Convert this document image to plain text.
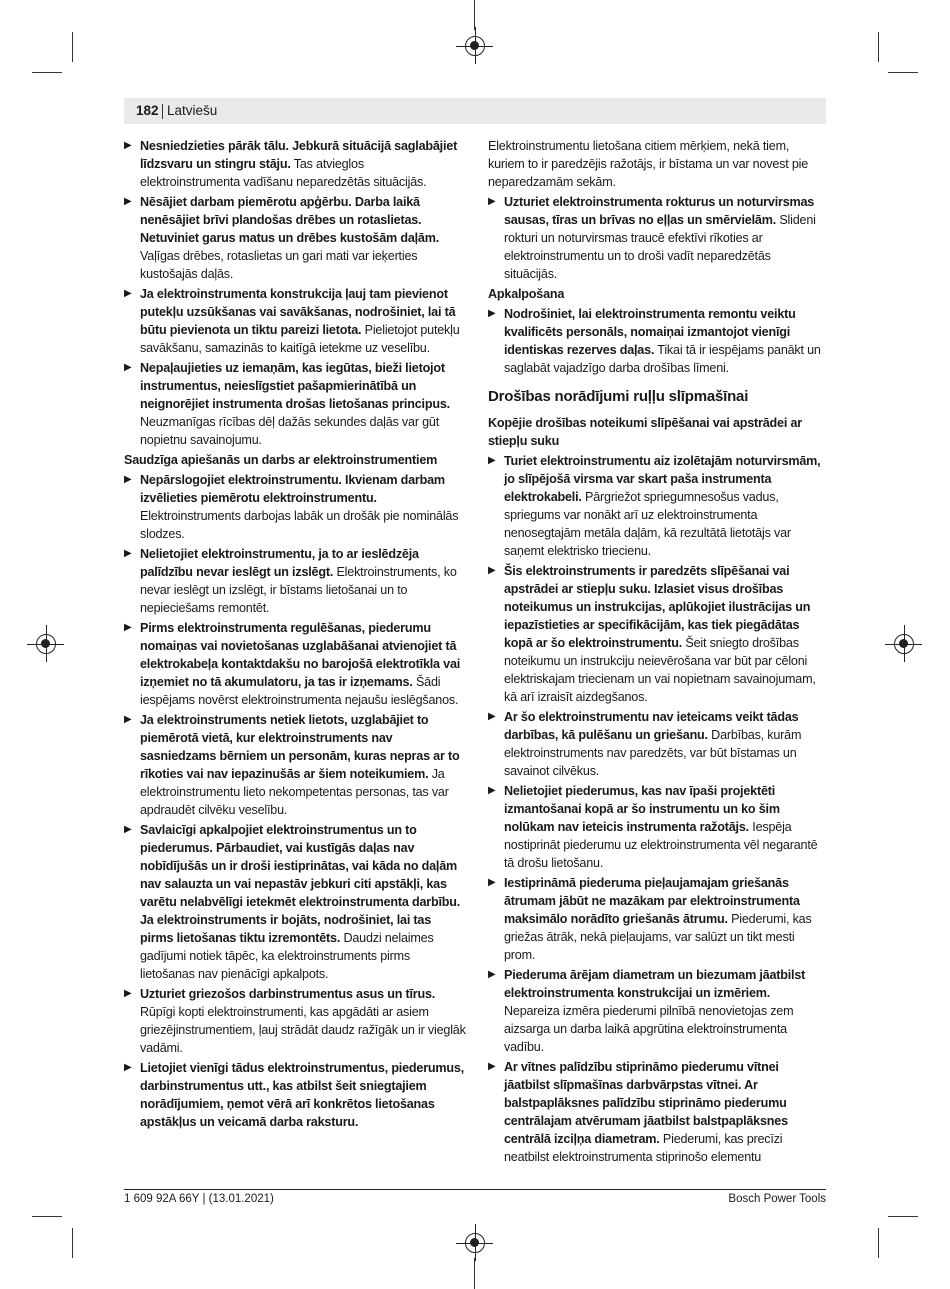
182 Latviešu
▶ Nesniedzieties pārāk tālu. Jebkurā situācijā saglabājiet līdzsvaru un stingru stāju. Tas atvieglos elektroinstrumenta vadīšanu neparedzētās situācijās.
▶ Nēsājiet darbam piemērotu apģērbu. Darba laikā nenēsājiet brīvi plandošas drēbes un rotaslietas. Netuviniet garus matus un drēbes kustošām daļām. Vaļīgas drēbes, rotaslietas un gari mati var ieķerties kustošajās daļās.
▶ Ja elektroinstrumenta konstrukcija ļauj tam pievienot putekļu uzsūkšanas vai savākšanas, nodrošiniet, lai tā būtu pievienota un tiktu pareizi lietota. Pielietojot putekļu savākšanu, samazinās to kaitīgā ietekme uz veselību.
▶ Nepaļaujieties uz iemaņām, kas iegūtas, bieži lietojot instrumentus, neieslīgstiet pašapmierinātībā un neignorējiet instrumenta drošas lietošanas principus. Neuzmanīgas rīcības dēļ dažās sekundes daļās var gūt nopietnu savainojumu.
Saudzīga apiešanās un darbs ar elektroinstrumentiem
▶ Nepārslogojiet elektroinstrumentu. Ikvienam darbam izvēlieties piemērotu elektroinstrumentu. Elektroinstruments darbojas labāk un drošāk pie nominālās slodzes.
▶ Nelietojiet elektroinstrumentu, ja to ar ieslēdzēja palīdzību nevar ieslēgt un izslēgt. Elektroinstruments, ko nevar ieslēgt un izslēgt, ir bīstams lietošanai un to nepieciešams remontēt.
▶ Pirms elektroinstrumenta regulēšanas, piederumu nomaiņas vai novietošanas uzglabāšanai atvienojiet tā elektrokabeļa kontaktdakšu no barojošā elektrotīkla vai izņemiet no tā akumulatoru, ja tas ir izņemams. Šādi iespējams novērst elektroinstrumenta nejaušu ieslēgšanos.
▶ Ja elektroinstruments netiek lietots, uzglabājiet to piemērotā vietā, kur elektroinstruments nav sasniedzams bērniem un personām, kuras nepras ar to rīkoties vai nav iepazinušās ar šiem noteikumiem. Ja elektroinstrumentu lieto nekompetentas personas, tas var apdraudēt cilvēku veselību.
▶ Savlaicīgi apkalpojiet elektroinstrumentus un to piederumus. Pārbaudiet, vai kustīgās daļas nav nobīdījušās un ir droši iestiprinātas, vai kāda no daļām nav salauzta un vai nepastāv jebkuri citi apstākļi, kas varētu nelabvēlīgi ietekmēt elektroinstrumenta darbību. Ja elektroinstruments ir bojāts, nodrošiniet, lai tas pirms lietošanas tiktu izremontēts. Daudzi nelaimes gadījumi notiek tāpēc, ka elektroinstruments pirms lietošanas nav pienācīgi apkalpots.
▶ Uzturiet griezošos darbinstrumentus asus un tīrus. Rūpīgi kopti elektroinstrumenti, kas apgādāti ar asiem griezējinstrumentiem, ļauj strādāt daudz ražīgāk un ir vieglāk vadāmi.
▶ Lietojiet vienīgi tādus elektroinstrumentus, piederumus, darbinstrumentus utt., kas atbilst šeit sniegtajiem norādījumiem, ņemot vērā arī konkrētos lietošanas apstākļus un veicamā darba raksturu.
Elektroinstrumentu lietošana citiem mērķiem, nekā tiem, kuriem to ir paredzējis ražotājs, ir bīstama un var novest pie neparedzamām sekām.
▶ Uzturiet elektroinstrumenta rokturus un noturvirsmas sausas, tīras un brīvas no eļļas un smērvielām. Slideni rokturi un noturvirsmas traucē efektīvi rīkoties ar elektroinstrumentu un to droši vadīt neparedzētās situācijās.
Apkalpošana
▶ Nodrošiniet, lai elektroinstrumenta remontu veiktu kvalificēts personāls, nomaiņai izmantojot vienīgi identiskas rezerves daļas. Tikai tā ir iespējams panākt un saglabāt vajadzīgo darba drošības līmeni.
Drošības norādījumi ruļļu slīpmašīnai
Kopējie drošības noteikumi slīpēšanai vai apstrādei ar stiepļu suku
▶ Turiet elektroinstrumentu aiz izolētajām noturvirsmām, jo slīpējošā virsma var skart paša instrumenta elektrokabeli. Pārgriežot spriegumnesošus vadus, spriegums var nonākt arī uz elektroinstrumenta nenosegtajām metāla daļām, kā rezultātā lietotājs var saņemt elektrisko triecienu.
▶ Šis elektroinstruments ir paredzēts slīpēšanai vai apstrādei ar stiepļu suku. Izlasiet visus drošības noteikumus un instrukcijas, aplūkojiet ilustrācijas un iepazīstieties ar specifikācijām, kas tiek piegādātas kopā ar šo elektroinstrumentu. Šeit sniegto drošības noteikumu un instrukciju neievērošana var būt par cēloni elektriskajam triecienam un vai nopietnam savainojumam, kā arī izraisīt aizdegšanos.
▶ Ar šo elektroinstrumentu nav ieteicams veikt tādas darbības, kā pulēšanu un griešanu. Darbības, kurām elektroinstruments nav paredzēts, var būt bīstamas un savainot cilvēkus.
▶ Nelietojiet piederumus, kas nav īpaši projektēti izmantošanai kopā ar šo instrumentu un ko šim nolūkam nav ieteicis instrumenta ražotājs. Iespēja nostiprināt piederumu uz elektroinstrumenta vēl negarantē tā drošu lietošanu.
▶ Iestiprināmā piederuma pieļaujamajam griešanās ātrumam jābūt ne mazākam par elektroinstrumenta maksimālo norādīto griešanās ātrumu. Piederumi, kas griežas ātrāk, nekā pieļaujams, var salūzt un tikt mesti prom.
▶ Piederuma ārējam diametram un biezumam jāatbilst elektroinstrumenta konstrukcijai un izmēriem. Nepareiza izmēra piederumi pilnībā nenovietojas zem aizsarga un darba laikā apgrūtina elektroinstrumenta vadību.
▶ Ar vītnes palīdzību stiprināmo piederumu vītnei jāatbilst slīpmašīnas darbvārpstas vītnei. Ar balstpaplāksnes palīdzību stiprināmo piederumu centrālajam atvērumam jāatbilst balstpaplāksnes centrālā izciļņa diametram. Piederumi, kas precīzi neatbilst elektroinstrumenta stiprinošo elementu
1 609 92A 66Y | (13.01.2021)	Bosch Power Tools
